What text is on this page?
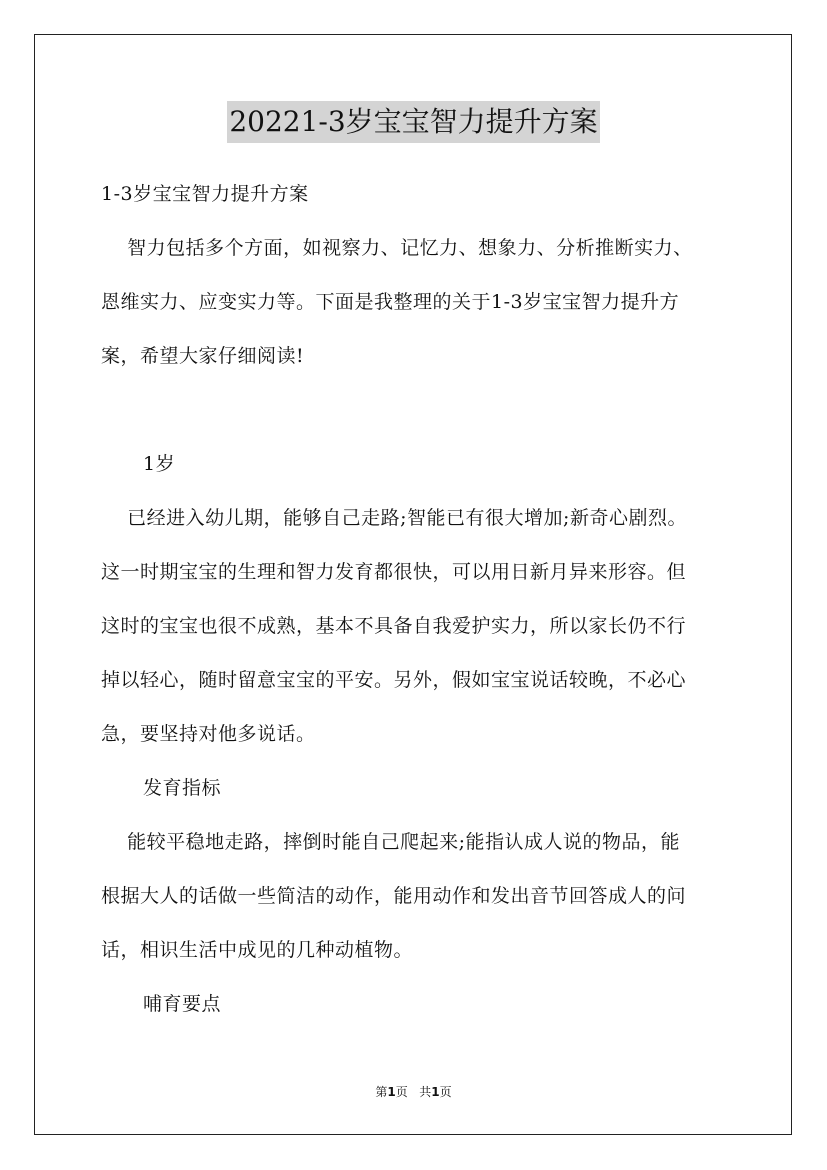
20221-3岁宝宝智力提升方案

1-3岁宝宝智力提升方案

智力包括多个方面，如视察力、记忆力、想象力、分析推断实力、

恩维实力、应变实力等。下面是我整理的关于1-3岁宝宝智力提升方

案，希望大家仔细阅读!

1岁

已经进入幼儿期，能够自己走路;智能已有很大增加;新奇心剧烈。

这一时期宝宝的生理和智力发育都很快，可以用日新月异来形容。但

这时的宝宝也很不成熟，基本不具备自我爱护实力，所以家长仍不行

掉以轻心，随时留意宝宝的平安。另外，假如宝宝说话较晚，不必心

急，要坚持对他多说话。

发育指标

能较平稳地走路，摔倒时能自己爬起来;能指认成人说的物品，能

根据大人的话做一些简洁的动作，能用动作和发出音节回答成人的问

话，相识生活中成见的几种动植物。

哺育要点

第1页 共1页
